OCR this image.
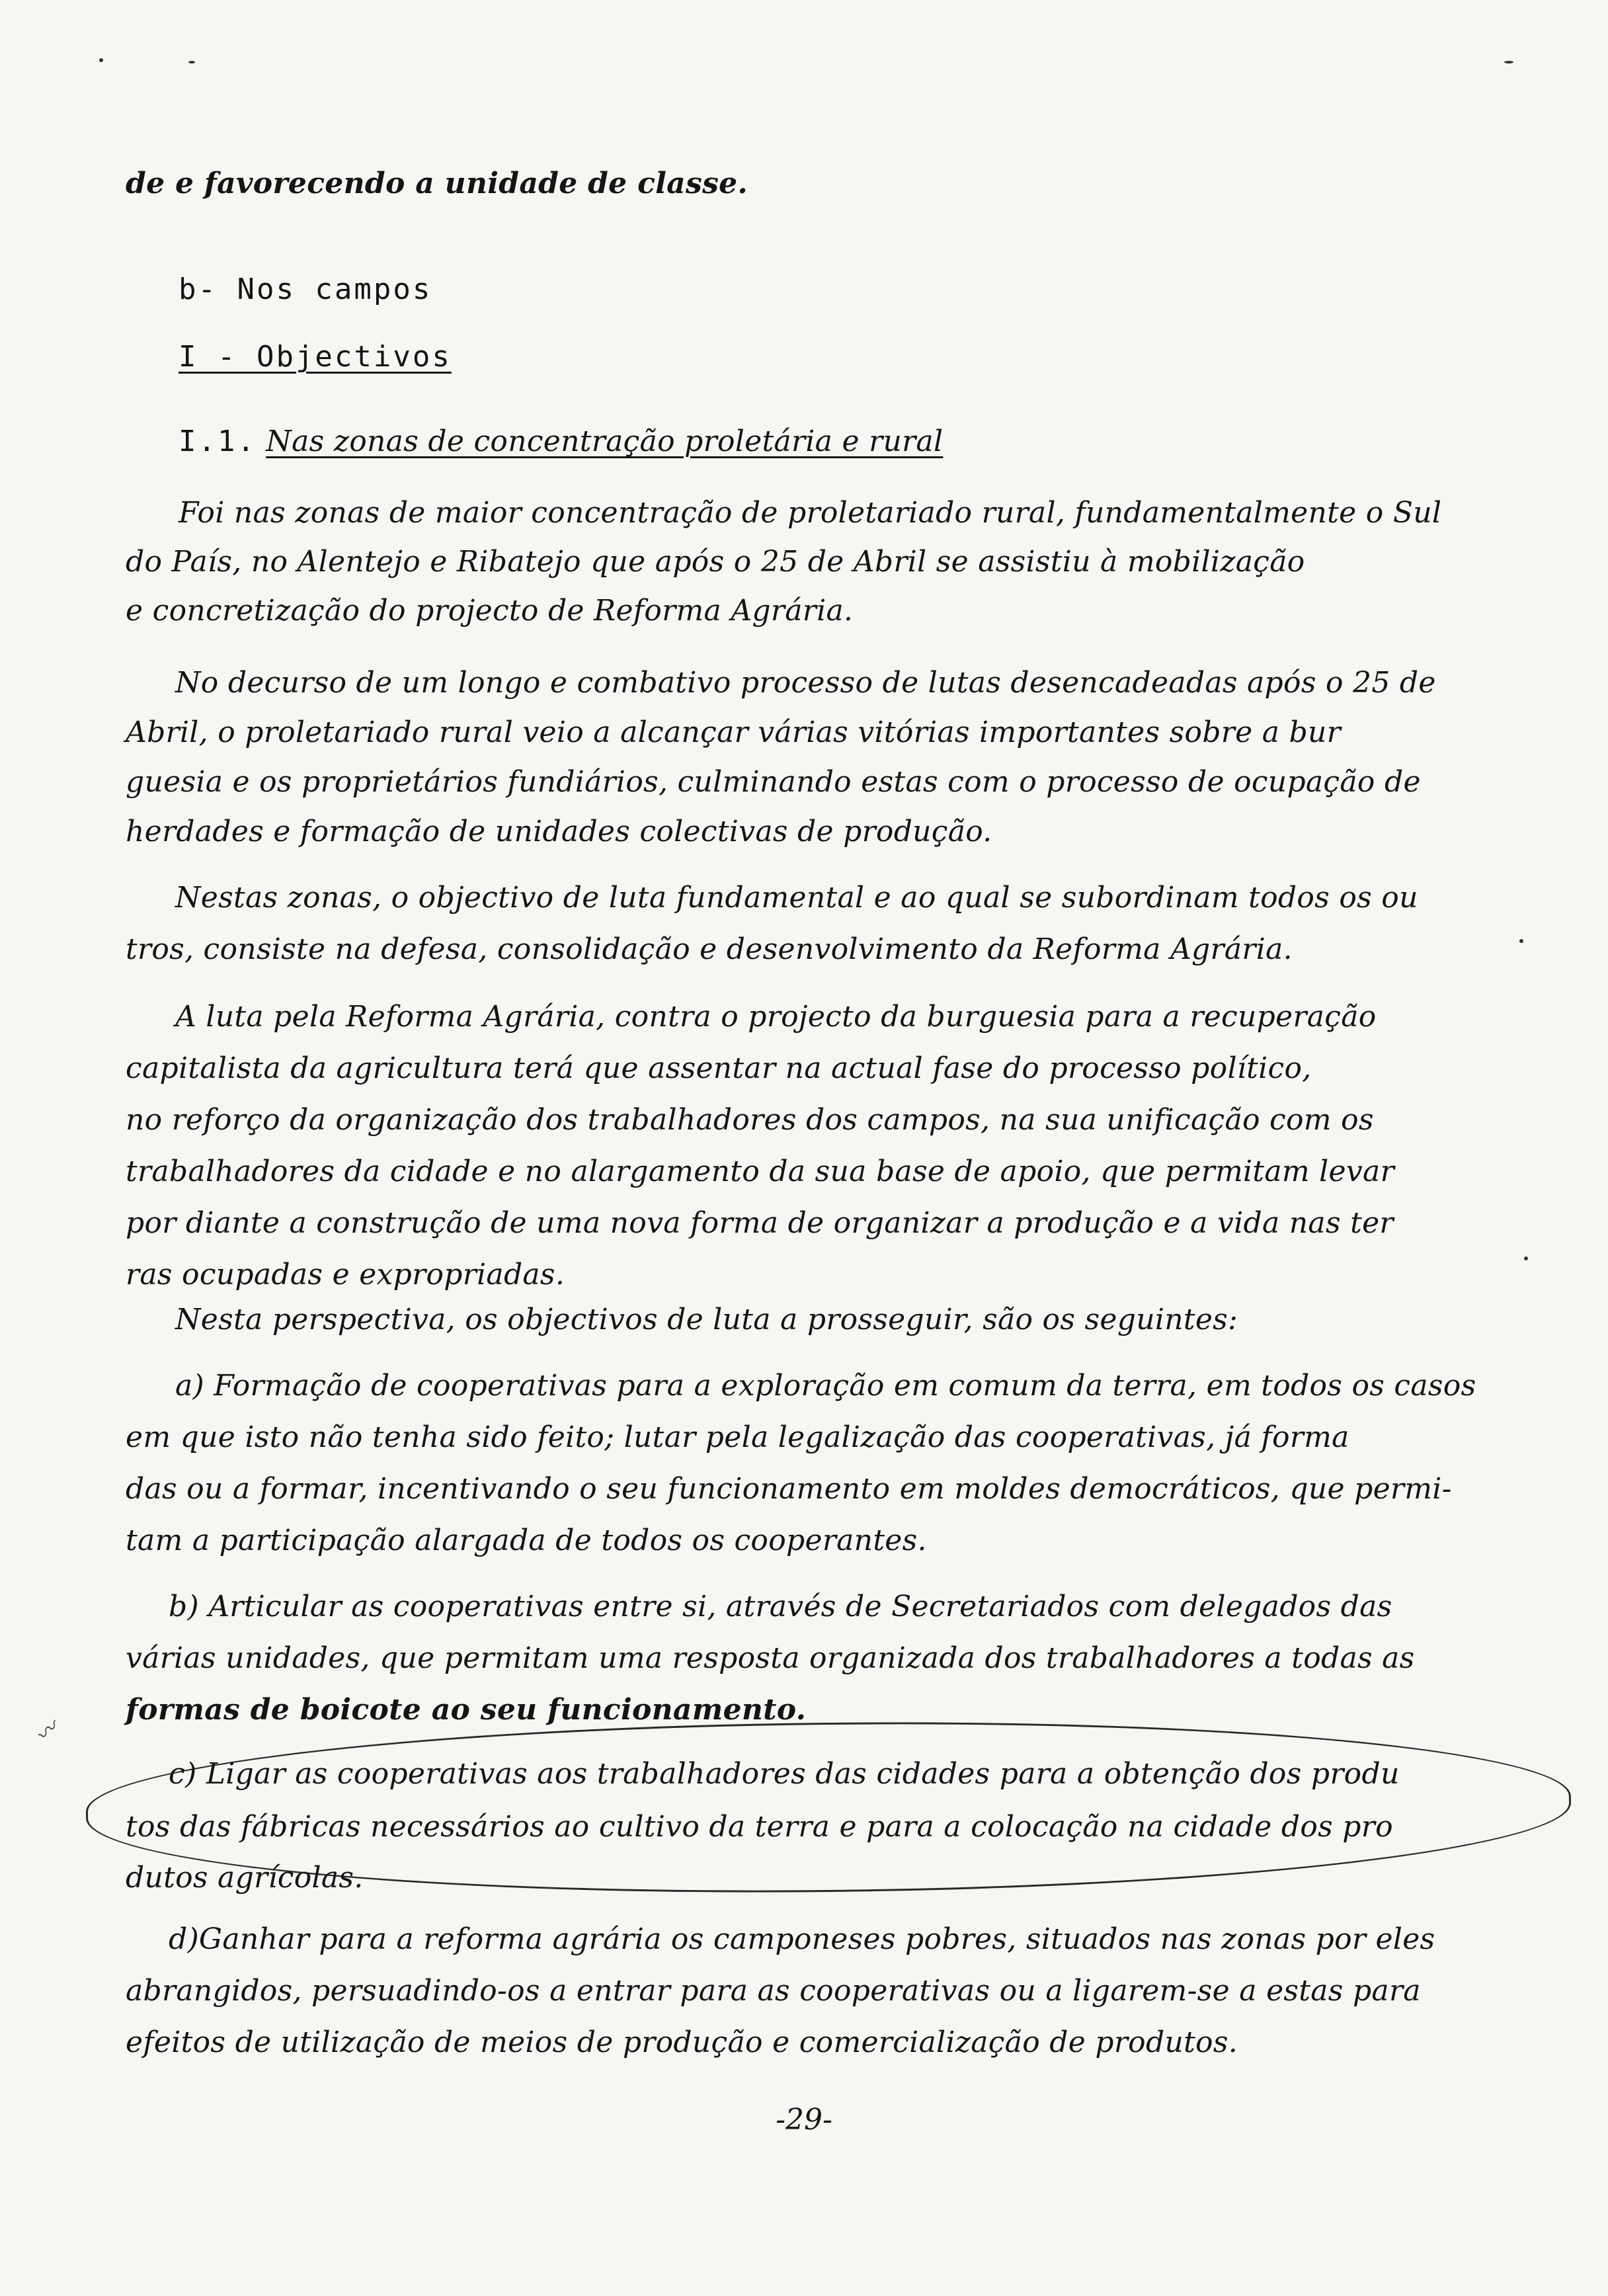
de e favorecendo a unidade de classe.
b- Nos campos
I - Objectivos
I.1. Nas zonas de concentração proletária e rural
Foi nas zonas de maior concentração de proletariado rural, fundamentalmente o Sul
do País, no Alentejo e Ribatejo que após o 25 de Abril se assistiu à mobilização
e concretização do projecto de Reforma Agrária.
No decurso de um longo e combativo processo de lutas desencadeadas após o 25 de
Abril, o proletariado rural veio a alcançar várias vitórias importantes sobre a bur
guesia e os proprietários fundiários, culminando estas com o processo de ocupação de
herdades e formação de unidades colectivas de produção.
Nestas zonas, o objectivo de luta fundamental e ao qual se subordinam todos os ou
tros, consiste na defesa, consolidação e desenvolvimento da Reforma Agrária.
A luta pela Reforma Agrária, contra o projecto da burguesia para a recuperação
capitalista da agricultura terá que assentar na actual fase do processo político,
no reforço da organização dos trabalhadores dos campos, na sua unificação com os
trabalhadores da cidade e no alargamento da sua base de apoio, que permitam levar
por diante a construção de uma nova forma de organizar a produção e a vida nas ter
ras ocupadas e expropriadas.
Nesta perspectiva, os objectivos de luta a prosseguir, são os seguintes:
a) Formação de cooperativas para a exploração em comum da terra, em todos os casos
em que isto não tenha sido feito; lutar pela legalização das cooperativas, já forma
das ou a formar, incentivando o seu funcionamento em moldes democráticos, que permi-
tam a participação alargada de todos os cooperantes.
b) Articular as cooperativas entre si, através de Secretariados com delegados das
várias unidades, que permitam uma resposta organizada dos trabalhadores a todas as
formas de boicote ao seu funcionamento.
〰
c) Ligar as cooperativas aos trabalhadores das cidades para a obtenção dos produ
tos das fábricas necessários ao cultivo da terra e para a colocação na cidade dos pro
dutos agrícolas.
d)Ganhar para a reforma agrária os camponeses pobres, situados nas zonas por eles
abrangidos, persuadindo-os a entrar para as cooperativas ou a ligarem-se a estas para
efeitos de utilização de meios de produção e comercialização de produtos.
-29-
